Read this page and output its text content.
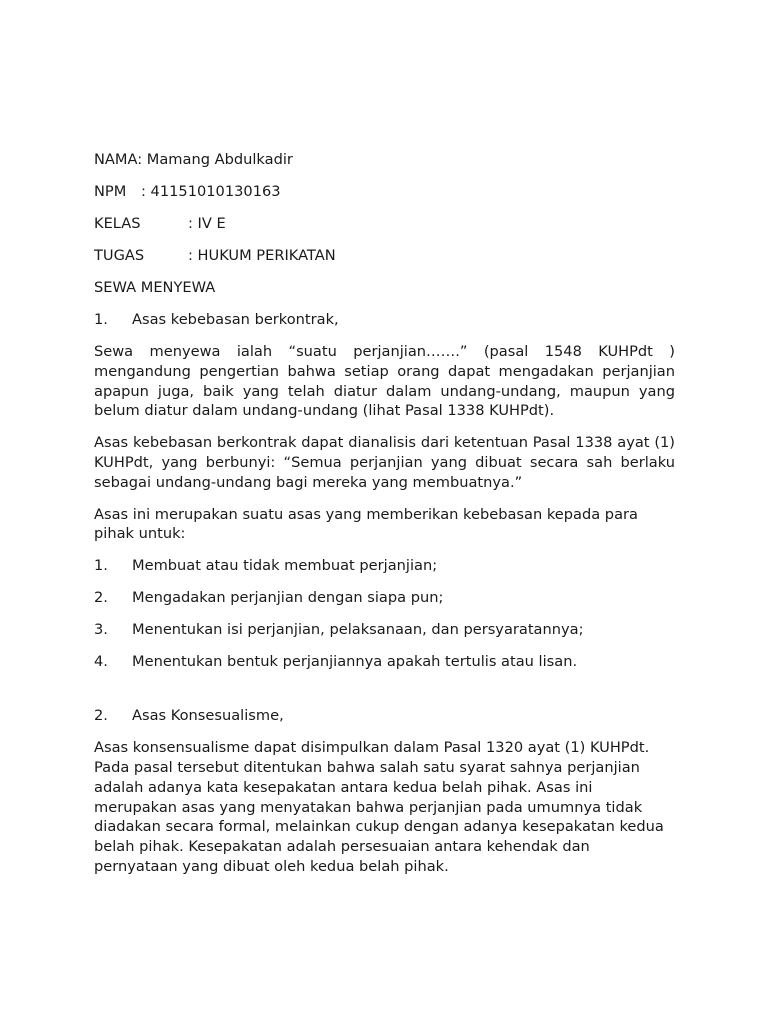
NAMA: Mamang Abdulkadir
NPM : 41151010130163
KELAS	: IV E
TUGAS	: HUKUM PERIKATAN
SEWA MENYEWA
1. Asas kebebasan berkontrak,

Sewa menyewa ialah “suatu perjanjian…….” (pasal 1548 KUHPdt ) mengandung pengertian bahwa setiap orang dapat mengadakan perjanjian apapun juga, baik yang telah diatur dalam undang-undang, maupun yang belum diatur dalam undang-undang (lihat Pasal 1338 KUHPdt).

Asas kebebasan berkontrak dapat dianalisis dari ketentuan Pasal 1338 ayat (1) KUHPdt, yang berbunyi: “Semua perjanjian yang dibuat secara sah berlaku sebagai undang-undang bagi mereka yang membuatnya.”

Asas ini merupakan suatu asas yang memberikan kebebasan kepada para pihak untuk:

1. Membuat atau tidak membuat perjanjian;
2. Mengadakan perjanjian dengan siapa pun;
3. Menentukan isi perjanjian, pelaksanaan, dan persyaratannya;
4. Menentukan bentuk perjanjiannya apakah tertulis atau lisan.
2. Asas Konsesualisme,

Asas konsensualisme dapat disimpulkan dalam Pasal 1320 ayat (1) KUHPdt. Pada pasal tersebut ditentukan bahwa salah satu syarat sahnya perjanjian adalah adanya kata kesepakatan antara kedua belah pihak. Asas ini merupakan asas yang menyatakan bahwa perjanjian pada umumnya tidak diadakan secara formal, melainkan cukup dengan adanya kesepakatan kedua belah pihak. Kesepakatan adalah persesuaian antara kehendak dan pernyataan yang dibuat oleh kedua belah pihak.
